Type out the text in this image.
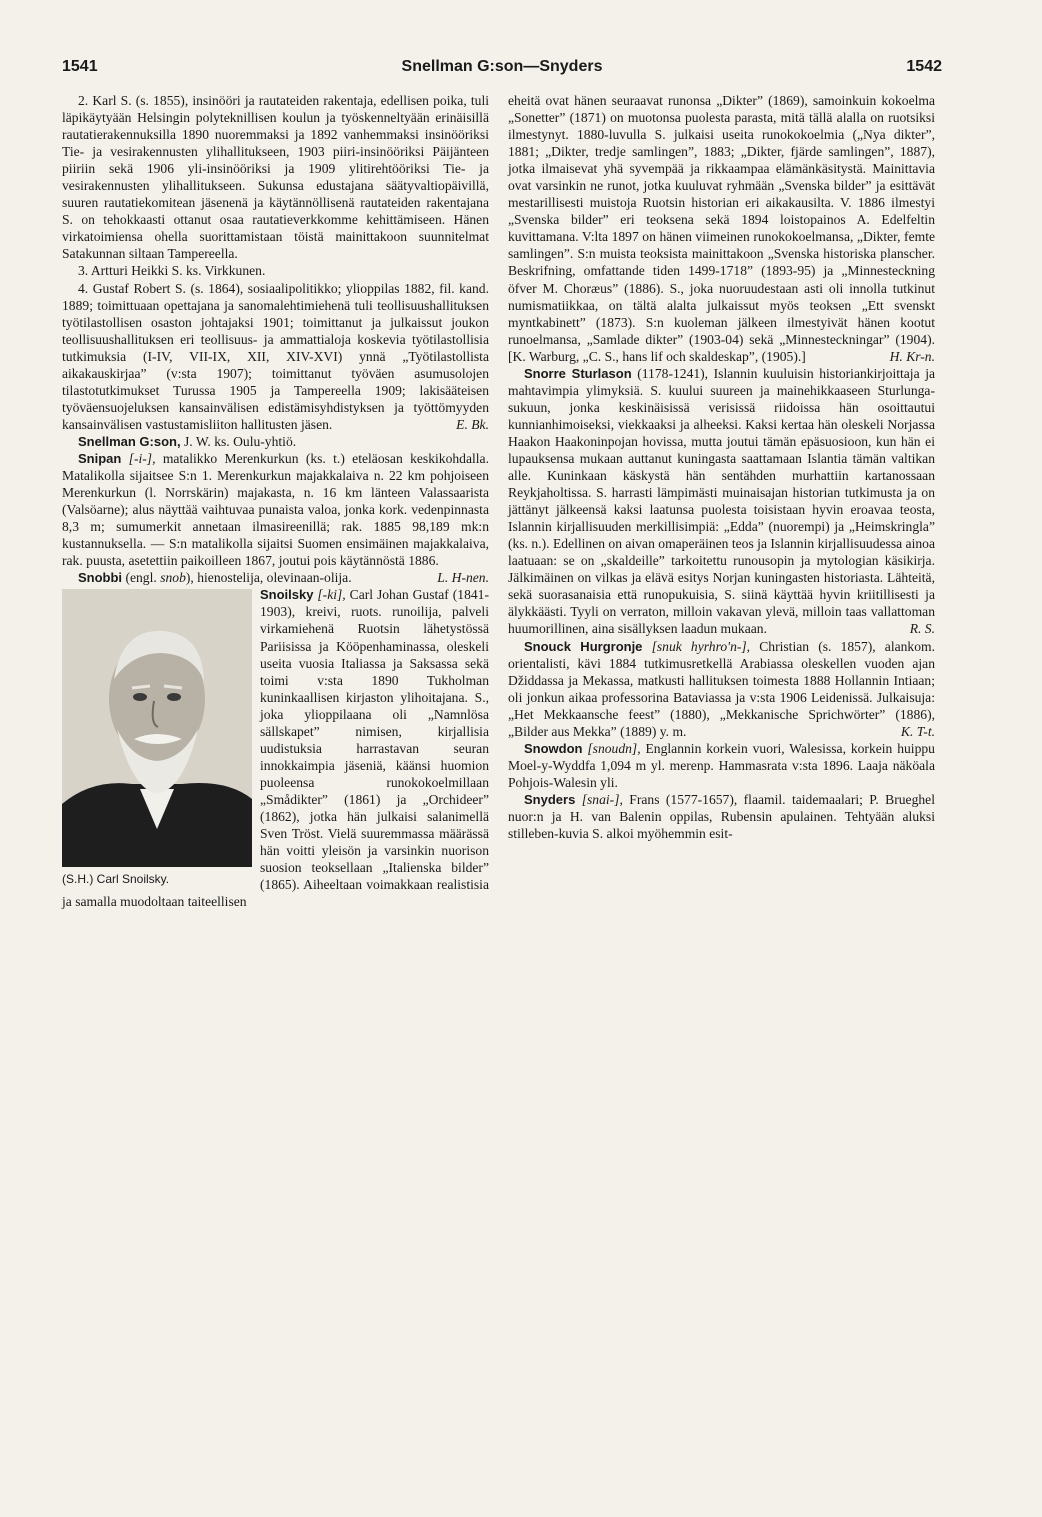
1541	Snellman G:son—Snyders	1542

2. Karl S. (s. 1855), insinööri ja rautateiden rakentaja, edellisen poika, tuli läpikäytyään Helsingin polyteknillisen koulun ja työskenneltyään erinäisillä rautatierakennuksilla 1890 nuoremmaksi ja 1892 vanhemmaksi insinööriksi Tie- ja vesirakennusten ylihallitukseen, 1903 piiri-insinööriksi Päijänteen piiriin sekä 1906 yli-insinööriksi ja 1909 ylitirehtööriksi Tie- ja vesirakennusten ylihallitukseen. Sukunsa edustajana säätyvaltiopäivillä, suuren rautatiekomitean jäsenenä ja käytännöllisenä rautateiden rakentajana S. on tehokkaasti ottanut osaa rautatieverkkomme kehittämiseen. Hänen virkatoimiensa ohella suorittamistaan töistä mainittakoon suunnitelmat Satakunnan siltaan Tampereella.

3. Artturi Heikki S. ks. Virkkunen.

4. Gustaf Robert S. (s. 1864), sosiaalipolitikko; ylioppilas 1882, fil. kand. 1889; toimittuaan opettajana ja sanomalehtimiehenä tuli teollisuushallituksen työtilastollisen osaston johtajaksi 1901; toimittanut ja julkaissut joukon teollisuushallituksen eri teollisuus- ja ammattialoja koskevia työtilastollisia tutkimuksia (I-IV, VII-IX, XII, XIV-XVI) ynnä „Työtilastollista aikakauskirjaa” (v:sta 1907); toimittanut työväen asumusolojen tilastotutkimukset Turussa 1905 ja Tampereella 1909; lakisääteisen työväensuojeluksen kansainvälisen edistämisyhdistyksen ja työttömyyden kansainvälisen vastustamisliiton hallitusten jäsen.	E. Bk.

Snellman G:son, J. W. ks. Oulu-yhtiö.

Snipan [-i-], matalikko Merenkurkun (ks. t.) eteläosan keskikohdalla. Matalikolla sijaitsee S:n 1. Merenkurkun majakkalaiva n. 22 km pohjoiseen Merenkurkun (l. Norrskärin) majakasta, n. 16 km länteen Valassaarista (Valsöarne); alus näyttää vaihtuvaa punaista valoa, jonka kork. vedenpinnasta 8,3 m; sumumerkit annetaan ilmasireenillä; rak. 1885 98,189 mk:n kustannuksella. — S:n matalikolla sijaitsi Suomen ensimäinen majakkalaiva, rak. puusta, asetettiin paikoilleen 1867, joutui pois käytännöstä 1886.
L. H-nen.

Snobbi (engl. snob), hienostelija, olevinaan-olija.

Snoilsky [-ki],
(S.H.) Carl Snoilsky.
Carl Johan Gustaf (1841-1903), kreivi, ruots. runoilija, palveli virkamiehenä Ruotsin lähetystössä Pariisissa ja Kööpenhaminassa, oleskeli useita vuosia Italiassa ja Saksassa sekä toimi v:sta 1890 Tukholman kuninkaallisen kirjaston ylihoitajana. S., joka ylioppilaana oli „Namnlösa sällskapet” nimisen, kirjallisia uudistuksia harrastavan seuran innokkaimpia jäseniä, käänsi huomion puoleensa runokokoelmillaan „Smådikter” (1861) ja „Orchideer” (1862), jotka hän julkaisi salanimellä Sven Tröst. Vielä suuremmassa määrässä hän voitti yleisön ja varsinkin nuorison suosion teoksellaan „Italienska bilder” (1865). Aiheeltaan voimakkaan realistisia ja samalla muodoltaan taiteellisen

eheitä ovat hänen seuraavat runonsa „Dikter” (1869), samoinkuin kokoelma „Sonetter” (1871) on muotonsa puolesta parasta, mitä tällä alalla on ruotsiksi ilmestynyt. 1880-luvulla S. julkaisi useita runokokoelmia („Nya dikter”, 1881; „Dikter, tredje samlingen”, 1883; „Dikter, fjärde samlingen”, 1887), jotka ilmaisevat yhä syvempää ja rikkaampaa elämänkäsitystä. Mainittavia ovat varsinkin ne runot, jotka kuuluvat ryhmään „Svenska bilder” ja esittävät mestarillisesti muistoja Ruotsin historian eri aikakausilta. V. 1886 ilmestyi „Svenska bilder” eri teoksena sekä 1894 loistopainos A. Edelfeltin kuvittamana. V:lta 1897 on hänen viimeinen runokokoelmansa, „Dikter, femte samlingen”. S:n muista teoksista mainittakoon „Svenska historiska planscher. Beskrifning, omfattande tiden 1499-1718” (1893-95) ja „Minnesteckning öfver M. Choræus” (1886). S., joka nuoruudestaan asti oli innolla tutkinut numismatiikkaa, on tältä alalta julkaissut myös teoksen „Ett svenskt myntkabinett” (1873). S:n kuoleman jälkeen ilmestyivät hänen kootut runoelmansa, „Samlade dikter” (1903-04) sekä „Minnesteckningar” (1904). [K. Warburg, „C. S., hans lif och skaldeskap”, (1905).]	H. Kr-n.

Snorre Sturlason (1178-1241), Islannin kuuluisin historiankirjoittaja ja mahtavimpia ylimyksiä. S. kuului suureen ja mainehikkaaseen Sturlunga-sukuun, jonka keskinäisissä verisissä riidoissa hän osoittautui kunnianhimoiseksi, viekkaaksi ja alheeksi. Kaksi kertaa hän oleskeli Norjassa Haakon Haakoninpojan hovissa, mutta joutui tämän epäsuosioon, kun hän ei lupauksensa mukaan auttanut kuningasta saattamaan Islantia tämän valtikan alle. Kuninkaan käskystä hän sentähden murhattiin kartanossaan Reykjaholtissa. S. harrasti lämpimästi muinaisajan historian tutkimusta ja on jättänyt jälkeensä kaksi laatunsa puolesta toisistaan hyvin eroavaa teosta, Islannin kirjallisuuden merkillisimpiä: „Edda” (nuorempi) ja „Heimskringla” (ks. n.). Edellinen on aivan omaperäinen teos ja Islannin kirjallisuudessa ainoa laatuaan: se on „skaldeille” tarkoitettu runousopin ja mytologian käsikirja. Jälkimäinen on vilkas ja elävä esitys Norjan kuningasten historiasta. Lähteitä, sekä suorasanaisia että runopukuisia, S. siinä käyttää hyvin kriitillisesti ja älykkäästi. Tyyli on verraton, milloin vakavan ylevä, milloin taas vallattoman huumorillinen, aina sisällyksen laadun mukaan.	R. S.

Snouck Hurgronje [snuk hyrhro'n-], Christian (s. 1857), alankom. orientalisti, kävi 1884 tutkimusretkellä Arabiassa oleskellen vuoden ajan Džiddassa ja Mekassa, matkusti hallituksen toimesta 1888 Hollannin Intiaan; oli jonkun aikaa professorina Bataviassa ja v:sta 1906 Leidenissä. Julkaisuja: „Het Mekkaansche feest” (1880), „Mekkanische Sprichwörter” (1886), „Bilder aus Mekka” (1889) y. m.	K. T-t.

Snowdon [snoudn], Englannin korkein vuori, Walesissa, korkein huippu Moel-y-Wyddfa 1,094 m yl. merenp. Hammasrata v:sta 1896. Laaja näköala Pohjois-Walesin yli.

Snyders [snai-], Frans (1577-1657), flaamil. taidemaalari; P. Brueghel nuor:n ja H. van Balenin oppilas, Rubensin apulainen. Tehtyään aluksi stilleben-kuvia S. alkoi myöhemmin esit-
